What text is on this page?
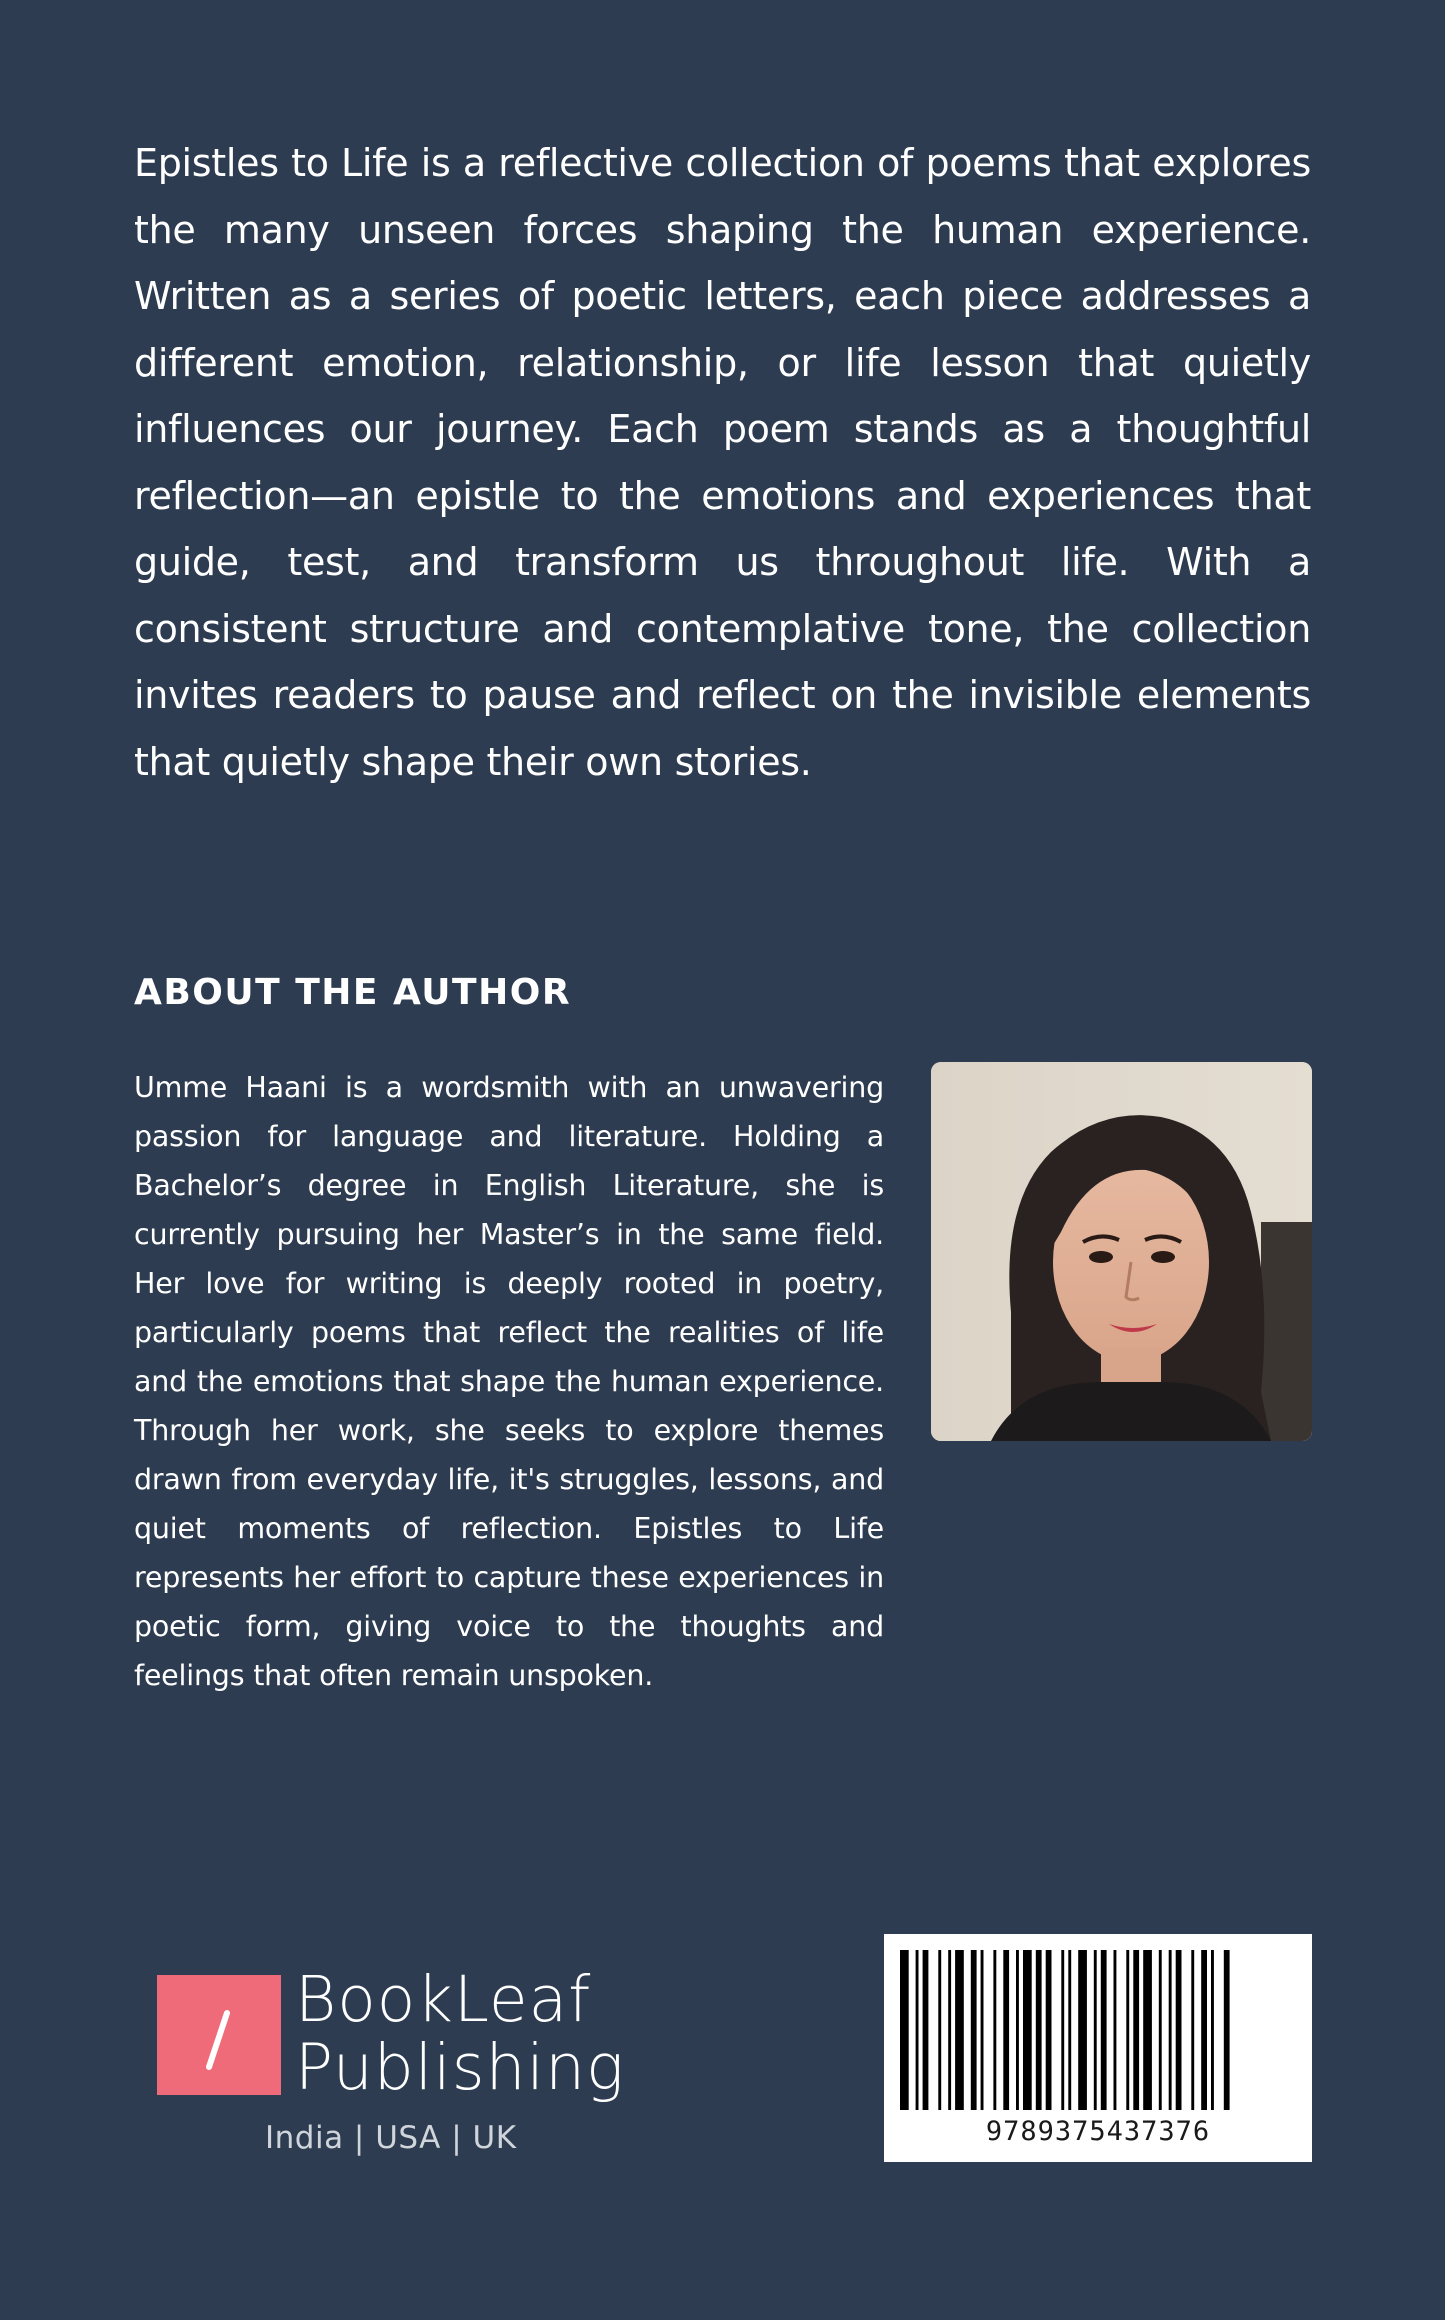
Epistles to Life is a reflective collection of poems that explores the many unseen forces shaping the human experience. Written as a series of poetic letters, each piece addresses a different emotion, relationship, or life lesson that quietly influences our journey. Each poem stands as a thoughtful reflection—an epistle to the emotions and experiences that guide, test, and transform us throughout life. With a consistent structure and contemplative tone, the collection invites readers to pause and reflect on the invisible elements that quietly shape their own stories.
ABOUT THE AUTHOR
Umme Haani is a wordsmith with an unwavering passion for language and literature. Holding a Bachelor’s degree in English Literature, she is currently pursuing her Master’s in the same field. Her love for writing is deeply rooted in poetry, particularly poems that reflect the realities of life and the emotions that shape the human experience. Through her work, she seeks to explore themes drawn from everyday life, it's struggles, lessons, and quiet moments of reflection. Epistles to Life represents her effort to capture these experiences in poetic form, giving voice to the thoughts and feelings that often remain unspoken.
BookLeaf
Publishing
India | USA | UK	9789375437376
